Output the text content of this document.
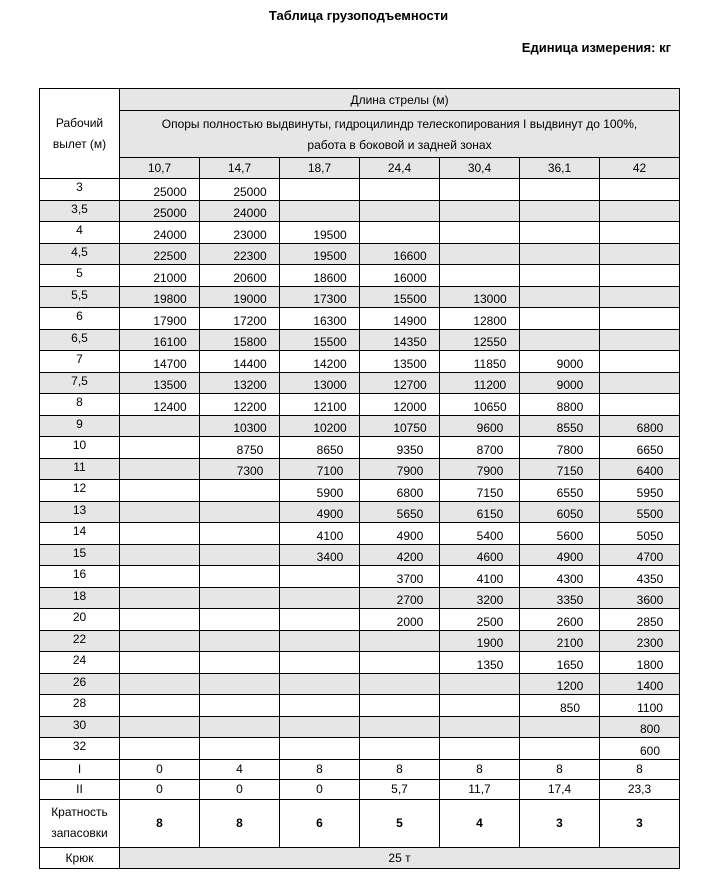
Таблица грузоподъемности
Единица измерения: кг
Рабочий вылет (м)	Длина стрелы (м)						

	Опоры полностью выдвинуты, гидроцилиндр телескопирования I выдвинут до 100%,
работа в боковой и задней зонах						

	10,7	14,7	18,7	24,4	30,4	36,1	42
3	25000	25000					
3,5	25000	24000					
4	24000	23000	19500				
4,5	22500	22300	19500	16600			
5	21000	20600	18600	16000			
5,5	19800	19000	17300	15500	13000		
6	17900	17200	16300	14900	12800		
6,5	16100	15800	15500	14350	12550		
7	14700	14400	14200	13500	11850	9000	
7,5	13500	13200	13000	12700	11200	9000	
8	12400	12200	12100	12000	10650	8800	
9		10300	10200	10750	9600	8550	6800
10		8750	8650	9350	8700	7800	6650
11		7300	7100	7900	7900	7150	6400
12			5900	6800	7150	6550	5950
13			4900	5650	6150	6050	5500
14			4100	4900	5400	5600	5050
15			3400	4200	4600	4900	4700
16				3700	4100	4300	4350
18				2700	3200	3350	3600
20				2000	2500	2600	2850
22					1900	2100	2300
24					1350	1650	1800
26						1200	1400
28						850	1100
30							800
32							600
I	0	4	8	8	8	8	8
II	0	0	0	5,7	11,7	17,4	23,3

Кратность
запасовки	8	8	6	5	4	3	3
Крюк	25 т						
